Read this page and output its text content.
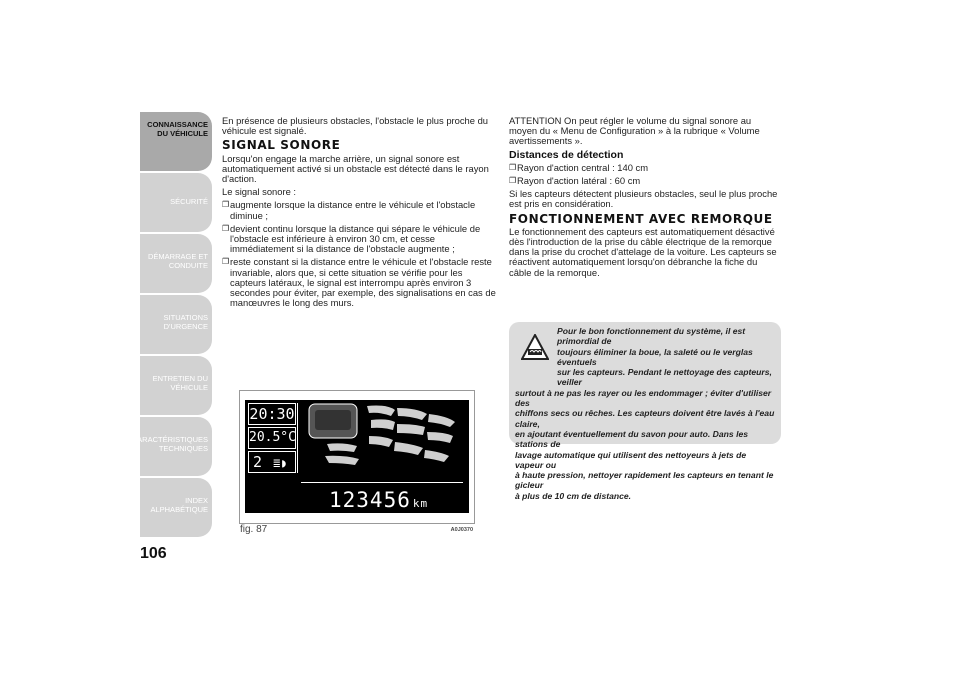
CONNAISSANCE
DU VÉHICULE
SÉCURITÉ
DÉMARRAGE ET
CONDUITE
SITUATIONS
D'URGENCE
ENTRETIEN DU
VÉHICULE
CARACTÉRISTIQUES
TECHNIQUES
INDEX
ALPHABÉTIQUE
106

En présence de plusieurs obstacles, l'obstacle le plus proche du véhicule est signalé.

SIGNAL SONORE

Lorsqu'on engage la marche arrière, un signal sonore est automatiquement activé si un obstacle est détecté dans le rayon d'action.

Le signal sonore :

❐ augmente lorsque la distance entre le véhicule et l'obstacle diminue ;
❐ devient continu lorsque la distance qui sépare le véhicule de l'obstacle est inférieure à environ 30 cm, et cesse immédiatement si la distance de l'obstacle augmente ;
❐ reste constant si la distance entre le véhicule et l'obstacle reste invariable, alors que, si cette situation se vérifie pour les capteurs latéraux, le signal est interrompu après environ 3 secondes pour éviter, par exemple, des signalisations en cas de manœuvres le long des murs.
20:30
20.5°C
2 ≣◗
123456 km
fig. 87	A0J0370

ATTENTION On peut régler le volume du signal sonore au moyen du « Menu de Configuration » à la rubrique « Volume avertissements ».

Distances de détection
❐ Rayon d'action central : 140 cm
❐ Rayon d'action latéral : 60 cm

Si les capteurs détectent plusieurs obstacles, seul le plus proche est pris en considération.

FONCTIONNEMENT AVEC REMORQUE

Le fonctionnement des capteurs est automatiquement désactivé dès l'introduction de la prise du câble électrique de la remorque dans la prise du crochet d'attelage de la voiture. Les capteurs se réactivent automatiquement lorsqu'on débranche la fiche du câble de la remorque.

Pour le bon fonctionnement du système, il est primordial de
toujours éliminer la boue, la saleté ou le verglas éventuels
sur les capteurs. Pendant le nettoyage des capteurs, veiller
surtout à ne pas les rayer ou les endommager ; éviter d'utiliser des
chiffons secs ou rêches. Les capteurs doivent être lavés à l'eau claire,
en ajoutant éventuellement du savon pour auto. Dans les stations de
lavage automatique qui utilisent des nettoyeurs à jets de vapeur ou
à haute pression, nettoyer rapidement les capteurs en tenant le gicleur
à plus de 10 cm de distance.
